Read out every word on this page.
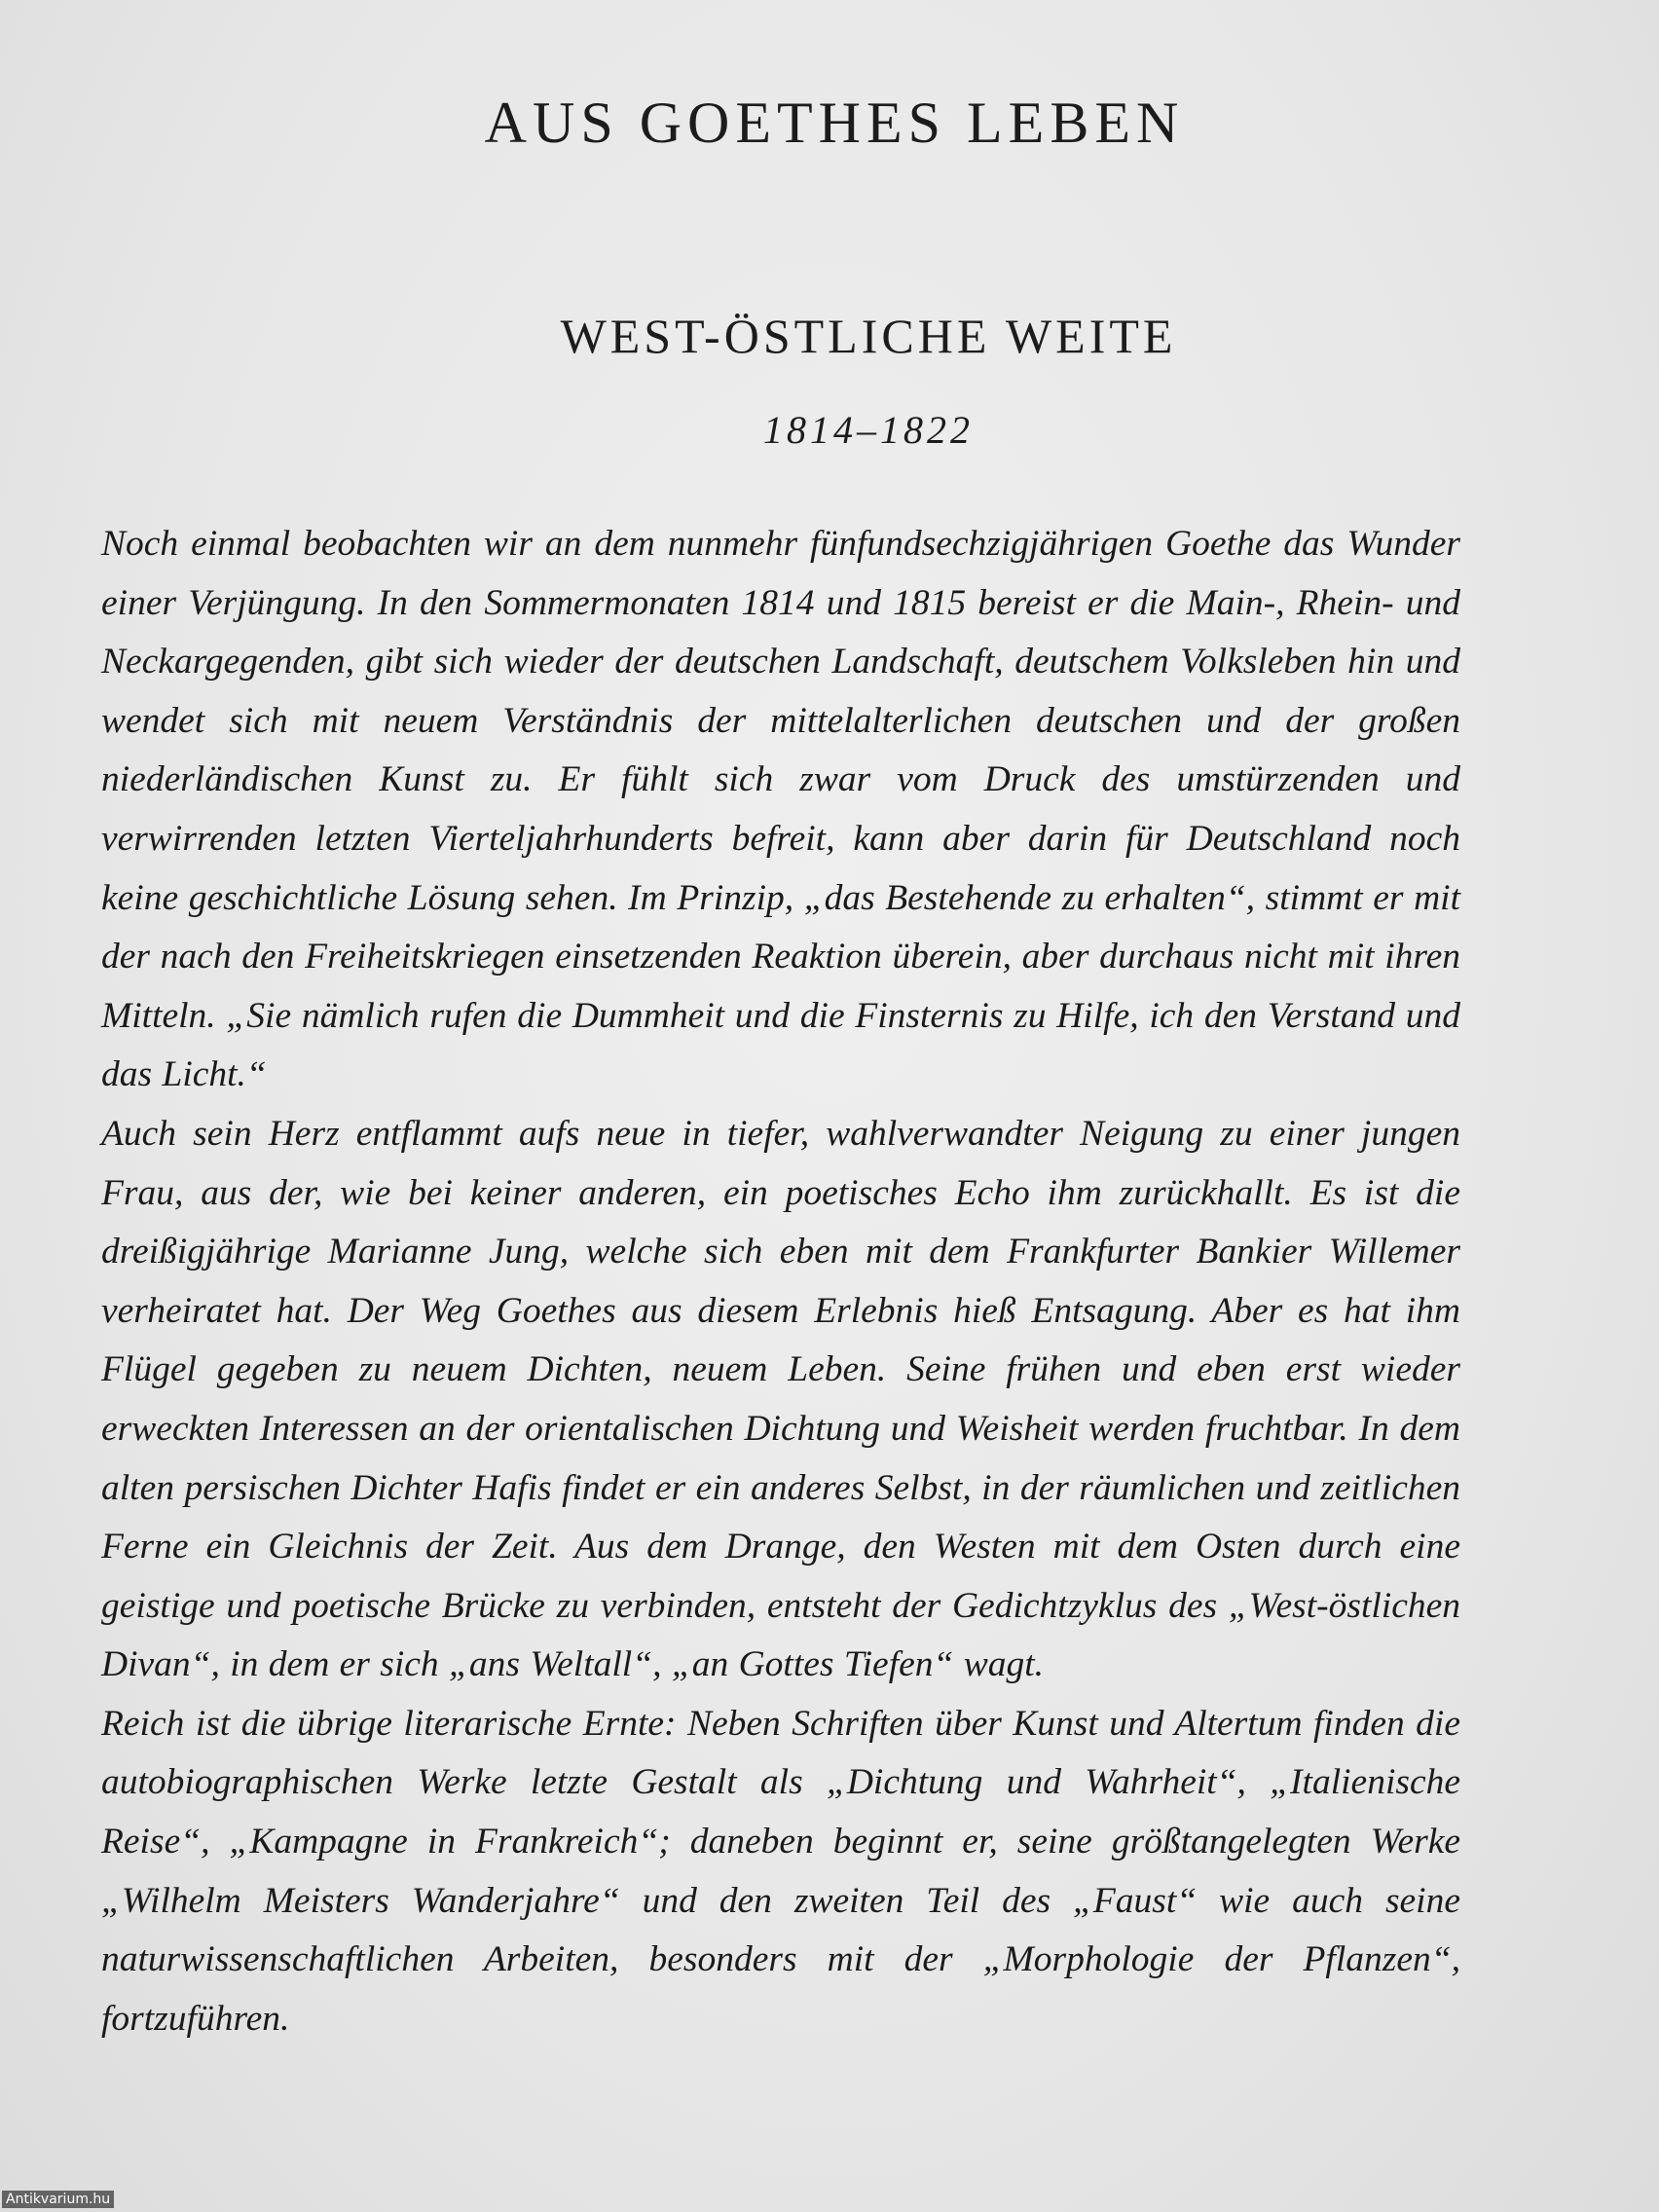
AUS GOETHES LEBEN
WEST-ÖSTLICHE WEITE
1814–1822

Noch einmal beobachten wir an dem nunmehr fünfundsechzigjährigen Goethe das Wunder einer Verjüngung. In den Sommermonaten 1814 und 1815 bereist er die Main-, Rhein- und Neckargegenden, gibt sich wieder der deutschen Landschaft, deutschem Volksleben hin und wendet sich mit neuem Verständnis der mittelalterlichen deutschen und der großen niederländischen Kunst zu. Er fühlt sich zwar vom Druck des umstürzenden und verwirrenden letzten Vierteljahrhunderts befreit, kann aber darin für Deutschland noch keine geschichtliche Lösung sehen. Im Prinzip, „das Bestehende zu erhalten“, stimmt er mit der nach den Freiheitskriegen einsetzenden Reaktion überein, aber durchaus nicht mit ihren Mitteln. „Sie nämlich rufen die Dummheit und die Finsternis zu Hilfe, ich den Verstand und das Licht.“

Auch sein Herz entflammt aufs neue in tiefer, wahlverwandter Neigung zu einer jungen Frau, aus der, wie bei keiner anderen, ein poetisches Echo ihm zurückhallt. Es ist die dreißigjährige Marianne Jung, welche sich eben mit dem Frankfurter Bankier Willemer verheiratet hat. Der Weg Goethes aus diesem Erlebnis hieß Entsagung. Aber es hat ihm Flügel gegeben zu neuem Dichten, neuem Leben. Seine frühen und eben erst wieder erweckten Interessen an der orientalischen Dichtung und Weisheit werden fruchtbar. In dem alten persischen Dichter Hafis findet er ein anderes Selbst, in der räumlichen und zeitlichen Ferne ein Gleichnis der Zeit. Aus dem Drange, den Westen mit dem Osten durch eine geistige und poetische Brücke zu verbinden, entsteht der Gedichtzyklus des „West-östlichen Divan“, in dem er sich „ans Weltall“, „an Gottes Tiefen“ wagt.

Reich ist die übrige literarische Ernte: Neben Schriften über Kunst und Altertum finden die autobiographischen Werke letzte Gestalt als „Dichtung und Wahrheit“, „Italienische Reise“, „Kampagne in Frankreich“; daneben beginnt er, seine größtangelegten Werke „Wilhelm Meisters Wanderjahre“ und den zweiten Teil des „Faust“ wie auch seine naturwissenschaftlichen Arbeiten, besonders mit der „Morphologie der Pflanzen“, fortzuführen.

Antikvarium.hu
